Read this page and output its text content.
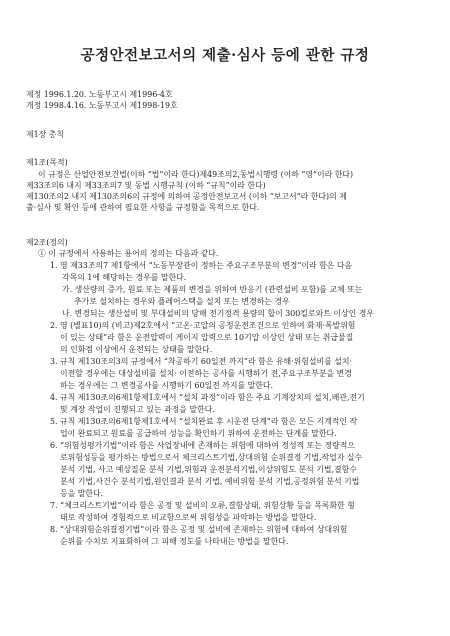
공정안전보고서의 제출·심사 등에 관한 규정
제정 1996.1.20. 노동부고시 제1996-4호
개정 1998.4.16. 노동부고시 제1998-19호
제1장 총칙
제1조(목적)
이 규정은 산업안전보건법(이하 “법”이라 한다)제49조의2,동법시행령 (이하 “영”이라 한다)
제33조의6 내지 제33조의7 및 동법 시행규칙 (이하 “규칙”이라 한다)
제130조의2 내지 제130조의6의 규정에 의하여 공정안전보고서 (이하 “보고서”라 한다)의 제
출·심사 및 확인 등에 관하여 필요한 사항을 규정함을 목적으로 한다.
제2조(정의)
① 이 규정에서 사용하는 용어의 정의는 다음과 같다.
1. 영 제33조의7 제1항에서 “노동부장관이 정하는 주요구조부분의 변경”이라 함은 다음
각목의 1에 해당하는 경우를 말한다.
가. 생산량의 증가, 원료 또는 제품의 변경을 위하여 반응기 (관련설비 포함)를 교체 또는
추가로 설치하는 경우와 플레어스택을 설치 또는 변경하는 경우
나. 변경되는 생산설비 및 부대설비의 당해 전기정격 용량의 합이 300킬로와트 이상인 경우
2. 영 (별표10)의 (비고)제2호에서 “고온·고압의 공정운전조건으로 인하여 화재·폭발위험
이 있는 상태”라 함은 운전압력이 게이지 압력으로 10기압 이상인 상태 또는 취급물질
의 인화점 이상에서 운전되는 상태를 말한다.
3. 규칙 제130조의3의 규정에서 “착공하기 60일전 까지”라 함은 유해·위험설비를 설치·
이전할 경우에는 대상설비를 설치· 이전하는 공사를 시행하기 전,주요구조부분을 변경
하는 경우에는 그 변경공사를 시행하기 60일전 까지를 말한다.
4. 규칙 제130조의6제1항제1호에서 “설치 과정”이라 함은 주요 기계장치의 설치,배관,전기
및 계장 작업이 진행되고 있는 과정을 말한다.
5. 규칙 제130조의6제1항제1호에서 “설치완료 후 시운전 단계”라 함은 모든 기계적인 작
업이 완료되고 원료를 공급하여 성능을 확인하기 위하여 운전하는 단계를 말한다.
6. “위험성평가기법”이라 함은 사업장내에 존재하는 위험에 대하여 정성적 또는 정량적으
로위험성등을 평가하는 방법으로서 체크리스트기법,상대위험 순위결정 기법,작업자 실수
분석 기법, 사고 예상질문 분석 기법,위험과 운전분석기법,이상위험도 분석 기법,결함수
분석 기법,사건수 분석기법,원인결과 분석 기법, 예비위험 분석 기법,공정위험 분석 기법
등을 말한다.
7. “체크리스트기법”이라 함은 공정 및 설비의 오류,결함상태, 위험상황 등을 목록화한 형
태로 작성하여 경험적으로 비교함으로써 위험성을 파악하는 방법을 말한다.
8. “상대위험순위결정기법”이라 함은 공정 및 설비에 존재하는 위험에 대하여 상대위험
순위를 수치로 지표화하여 그 피해 정도를 나타내는 방법을 말한다.
